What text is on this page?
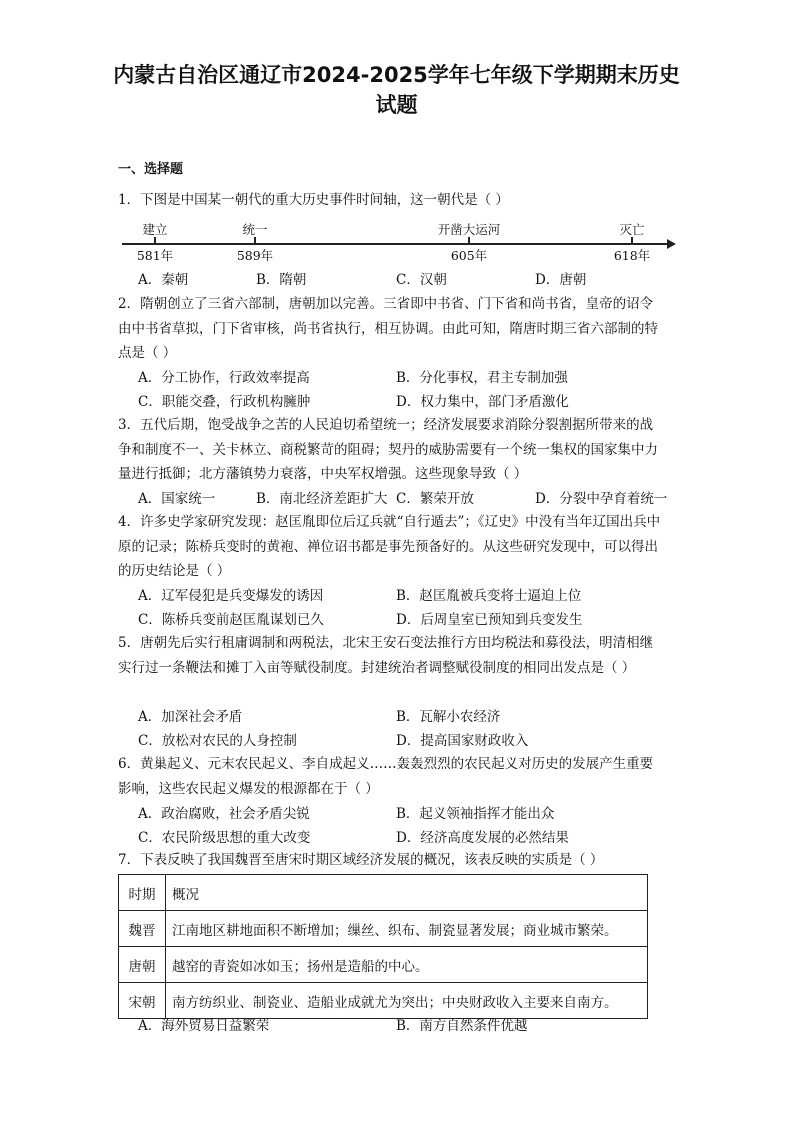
内蒙古自治区通辽市2024-2025学年七年级下学期期末历史试题
一、选择题
1．下图是中国某一朝代的重大历史事件时间轴，这一朝代是（ ）
建立	统一	开凿大运河	灭亡
581年	589年	605年	618年
A．秦朝	B．隋朝	C．汉朝	D．唐朝
2．隋朝创立了三省六部制，唐朝加以完善。三省即中书省、门下省和尚书省，皇帝的诏令由中书省草拟，门下省审核，尚书省执行，相互协调。由此可知，隋唐时期三省六部制的特点是（ ）
A．分工协作，行政效率提高	B．分化事权，君主专制加强
C．职能交叠，行政机构臃肿	D．权力集中，部门矛盾激化
3．五代后期，饱受战争之苦的人民迫切希望统一；经济发展要求消除分裂割据所带来的战争和制度不一、关卡林立、商税繁苛的阻碍；契丹的威胁需要有一个统一集权的国家集中力量进行抵御；北方藩镇势力衰落，中央军权增强。这些现象导致（ ）
A．国家统一	B．南北经济差距扩大 C．繁荣开放	D．分裂中孕育着统一
4．许多史学家研究发现：赵匡胤即位后辽兵就“自行遁去”；《辽史》中没有当年辽国出兵中原的记录；陈桥兵变时的黄袍、禅位诏书都是事先预备好的。从这些研究发现中，可以得出的历史结论是（ ）
A．辽军侵犯是兵变爆发的诱因	B．赵匡胤被兵变将士逼迫上位
C．陈桥兵变前赵匡胤谋划已久	D．后周皇室已预知到兵变发生
5．唐朝先后实行租庸调制和两税法，北宋王安石变法推行方田均税法和募役法，明清相继实行过一条鞭法和摊丁入亩等赋役制度。封建统治者调整赋役制度的相同出发点是（ ）
A．加深社会矛盾	B．瓦解小农经济
C．放松对农民的人身控制	D．提高国家财政收入
6．黄巢起义、元末农民起义、李自成起义……轰轰烈烈的农民起义对历史的发展产生重要影响，这些农民起义爆发的根源都在于（ ）
A．政治腐败，社会矛盾尖锐	B．起义领袖指挥才能出众
C．农民阶级思想的重大改变	D．经济高度发展的必然结果
7．下表反映了我国魏晋至唐宋时期区域经济发展的概况，该表反映的实质是（ ）
时期	概况
魏晋	江南地区耕地面积不断增加；缫丝、织布、制瓷显著发展；商业城市繁荣。
唐朝	越窑的青瓷如冰如玉；扬州是造船的中心。
宋朝	南方纺织业、制瓷业、造船业成就尤为突出；中央财政收入主要来自南方。
A．海外贸易日益繁荣	B．南方自然条件优越
